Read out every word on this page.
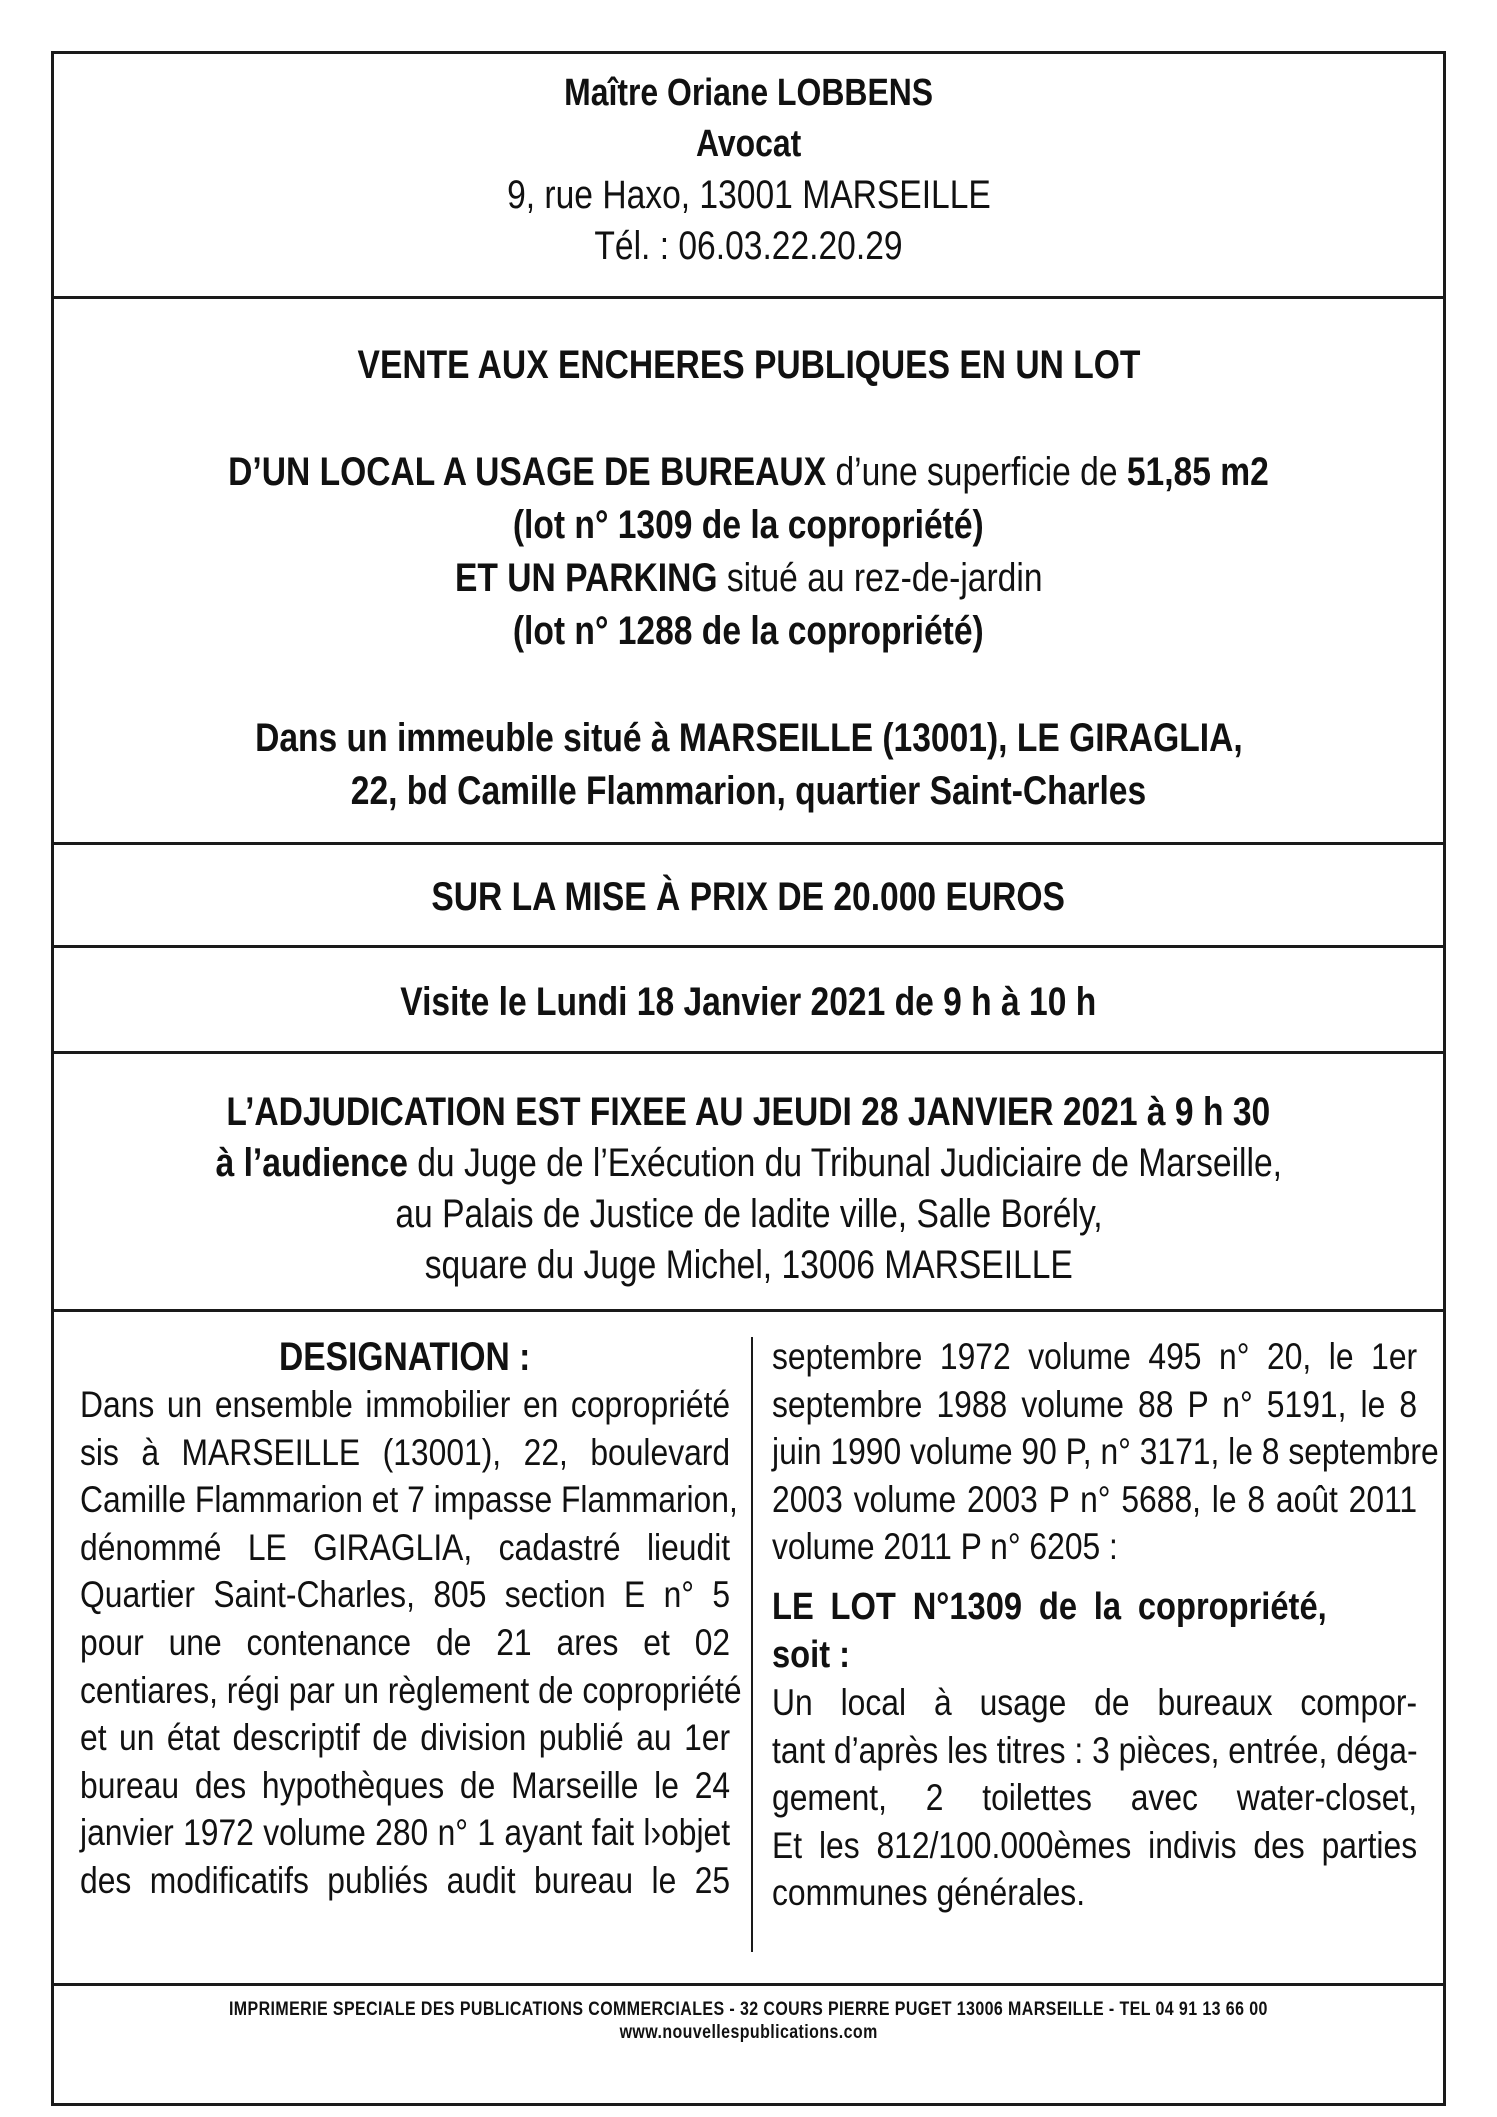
Maître Oriane LOBBENS
Avocat
9, rue Haxo, 13001 MARSEILLE
Tél. : 06.03.22.20.29
VENTE AUX ENCHERES PUBLIQUES EN UN LOT
D’UN LOCAL A USAGE DE BUREAUX d’une superficie de 51,85 m2
(lot n° 1309 de la copropriété)
ET UN PARKING situé au rez-de-jardin
(lot n° 1288 de la copropriété)
Dans un immeuble situé à MARSEILLE (13001), LE GIRAGLIA,
22, bd Camille Flammarion, quartier Saint-Charles
SUR LA MISE À PRIX DE 20.000 EUROS
Visite le Lundi 18 Janvier 2021 de 9 h à 10 h
L’ADJUDICATION EST FIXEE AU JEUDI 28 JANVIER 2021 à 9 h 30
à l’audience du Juge de l’Exécution du Tribunal Judiciaire de Marseille,
au Palais de Justice de ladite ville, Salle Borély,
square du Juge Michel, 13006 MARSEILLE
DESIGNATION :
Dans un ensemble immobilier en copropriété
sis à MARSEILLE (13001), 22, boulevard
Camille Flammarion et 7 impasse Flammarion,
dénommé LE GIRAGLIA, cadastré lieudit
Quartier Saint-Charles, 805 section E n° 5
pour une contenance de 21 ares et 02
centiares, régi par un règlement de copropriété
et un état descriptif de division publié au 1er
bureau des hypothèques de Marseille le 24
janvier 1972 volume 280 n° 1 ayant fait l›objet
des modificatifs publiés audit bureau le 25
septembre 1972 volume 495 n° 20, le 1er
septembre 1988 volume 88 P n° 5191, le 8
juin 1990 volume 90 P, n° 3171, le 8 septembre
2003 volume 2003 P n° 5688, le 8 août 2011
volume 2011 P n° 6205 :
LE LOT N°1309 de la copropriété, soit :
Un local à usage de bureaux compor-
tant d’après les titres : 3 pièces, entrée, déga-
gement, 2 toilettes avec water-closet,
Et les 812/100.000èmes indivis des parties
communes générales.
IMPRIMERIE SPECIALE DES PUBLICATIONS COMMERCIALES - 32 COURS PIERRE PUGET 13006 MARSEILLE - TEL 04 91 13 66 00
www.nouvellespublications.com
